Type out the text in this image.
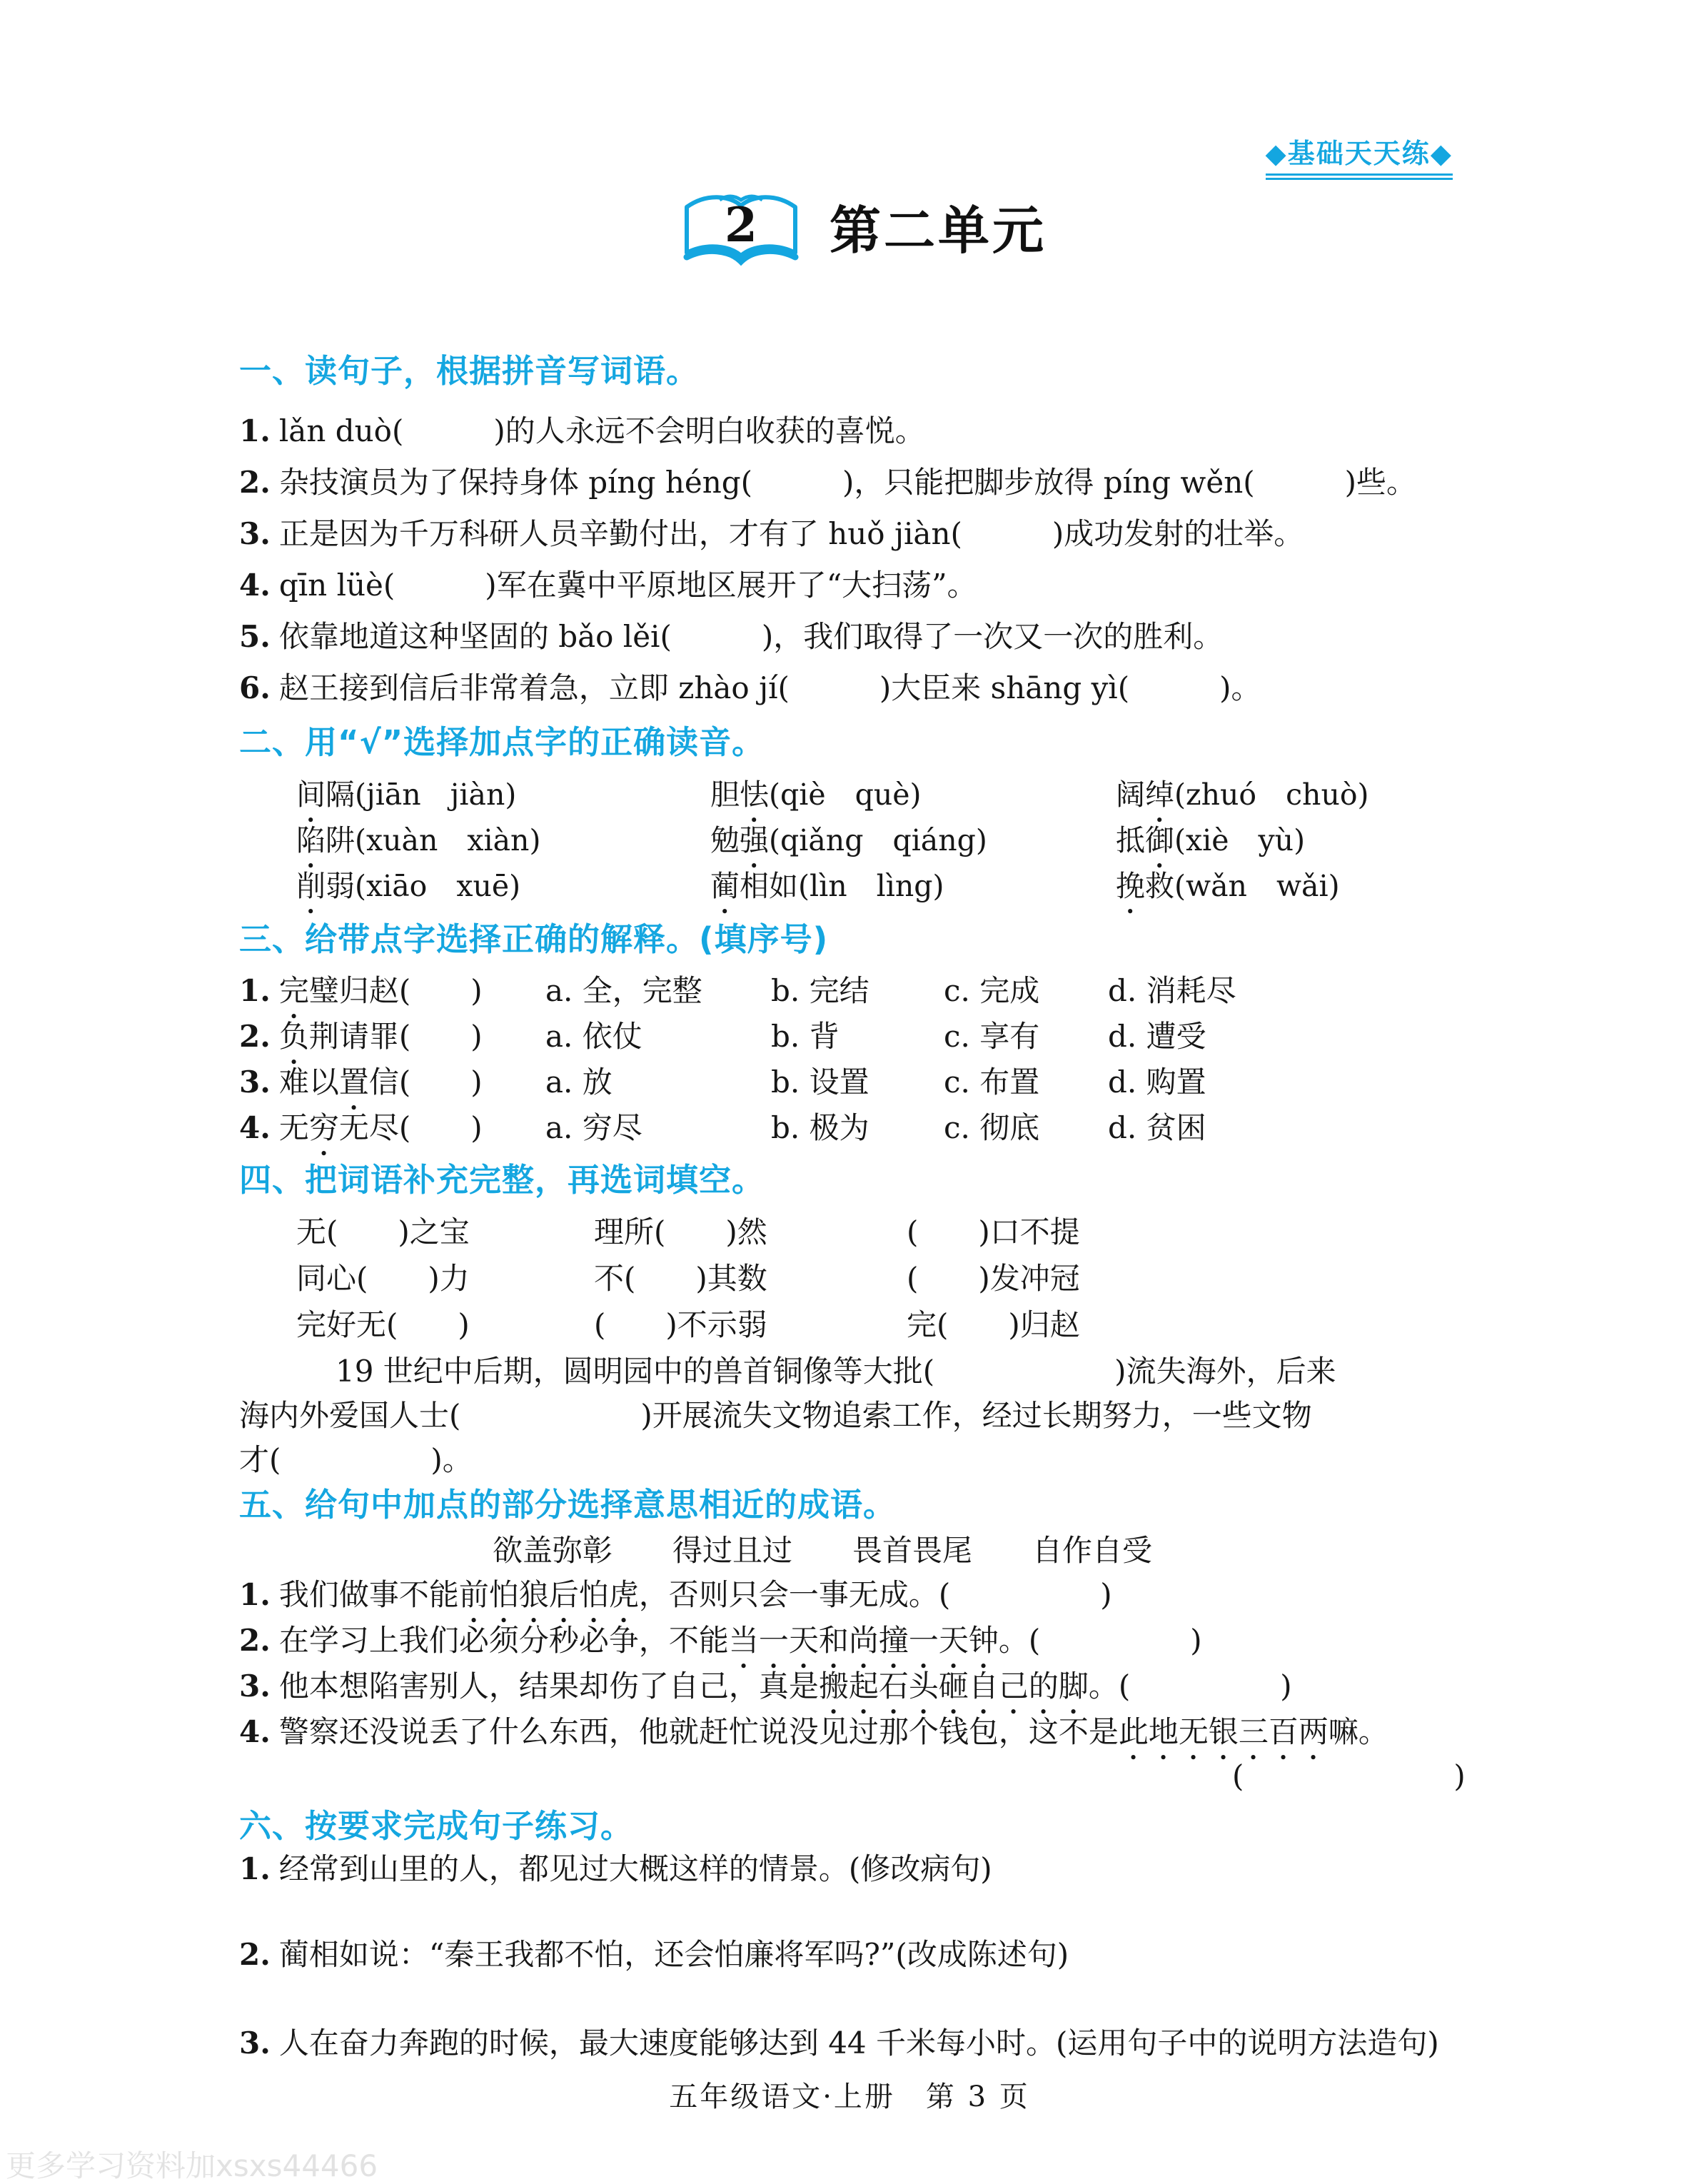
◆基础天天练◆
2 第二单元
一、读句子，根据拼音写词语。
1. lǎn duò(　　　)的人永远不会明白收获的喜悦。
2. 杂技演员为了保持身体 píng héng(　　　)，只能把脚步放得 píng wěn(　　　)些。
3. 正是因为千万科研人员辛勤付出，才有了 huǒ jiàn(　　　)成功发射的壮举。
4. qīn lüè(　　　)军在冀中平原地区展开了“大扫荡”。
5. 依靠地道这种坚固的 bǎo lěi(　　　)，我们取得了一次又一次的胜利。
6. 赵王接到信后非常着急，立即 zhào jí(　　　)大臣来 shāng yì(　　　)。
二、用“√”选择加点字的正确读音。
间隔(jiān　jiàn)	胆怯(qiè　què)	阔绰(zhuó　chuò)
陷阱(xuàn　xiàn)	勉强(qiǎng　qiáng)	抵御(xiè　yù)
削弱(xiāo　xuē)	蔺相如(lìn　lìng)	挽救(wǎn　wǎi)
三、给带点字选择正确的解释。(填序号)
1. 完璧归赵(　　) a. 全，完整 b. 完结 c. 完成 d. 消耗尽
2. 负荆请罪(　　) a. 依仗	b. 背	c. 享有 d. 遭受
3. 难以置信(　　) a. 放	b. 设置 c. 布置 d. 购置
4. 无穷无尽(　　) a. 穷尽	b. 极为 c. 彻底 d. 贫困
四、把词语补充完整，再选词填空。
无(　　)之宝	理所(　　)然	(　　)口不提
同心(　　)力	不(　　)其数	(　　)发冲冠
完好无(　　)	(　　)不示弱	完(　　)归赵
19 世纪中后期，圆明园中的兽首铜像等大批(　　　　　　)流失海外，后来
海内外爱国人士(　　　　　　)开展流失文物追索工作，经过长期努力，一些文物
才(　　　　　)。
五、给句中加点的部分选择意思相近的成语。
欲盖弥彰　　得过且过　　畏首畏尾　　自作自受
1. 我们做事不能前怕狼后怕虎，否则只会一事无成。(　　　　　)
2. 在学习上我们必须分秒必争，不能当一天和尚撞一天钟。(　　　　　)
3. 他本想陷害别人，结果却伤了自己，真是搬起石头砸自己的脚。(　　　　　)
4. 警察还没说丢了什么东西，他就赶忙说没见过那个钱包，这不是此地无银三百两嘛。
(　　　　　　　)
六、按要求完成句子练习。
1. 经常到山里的人，都见过大概这样的情景。(修改病句)
2. 蔺相如说：“秦王我都不怕，还会怕廉将军吗?”(改成陈述句)
3. 人在奋力奔跑的时候，最大速度能够达到 44 千米每小时。(运用句子中的说明方法造句)
五年级语文·上册　第 3 页
更多学习资料加xsxs44466
